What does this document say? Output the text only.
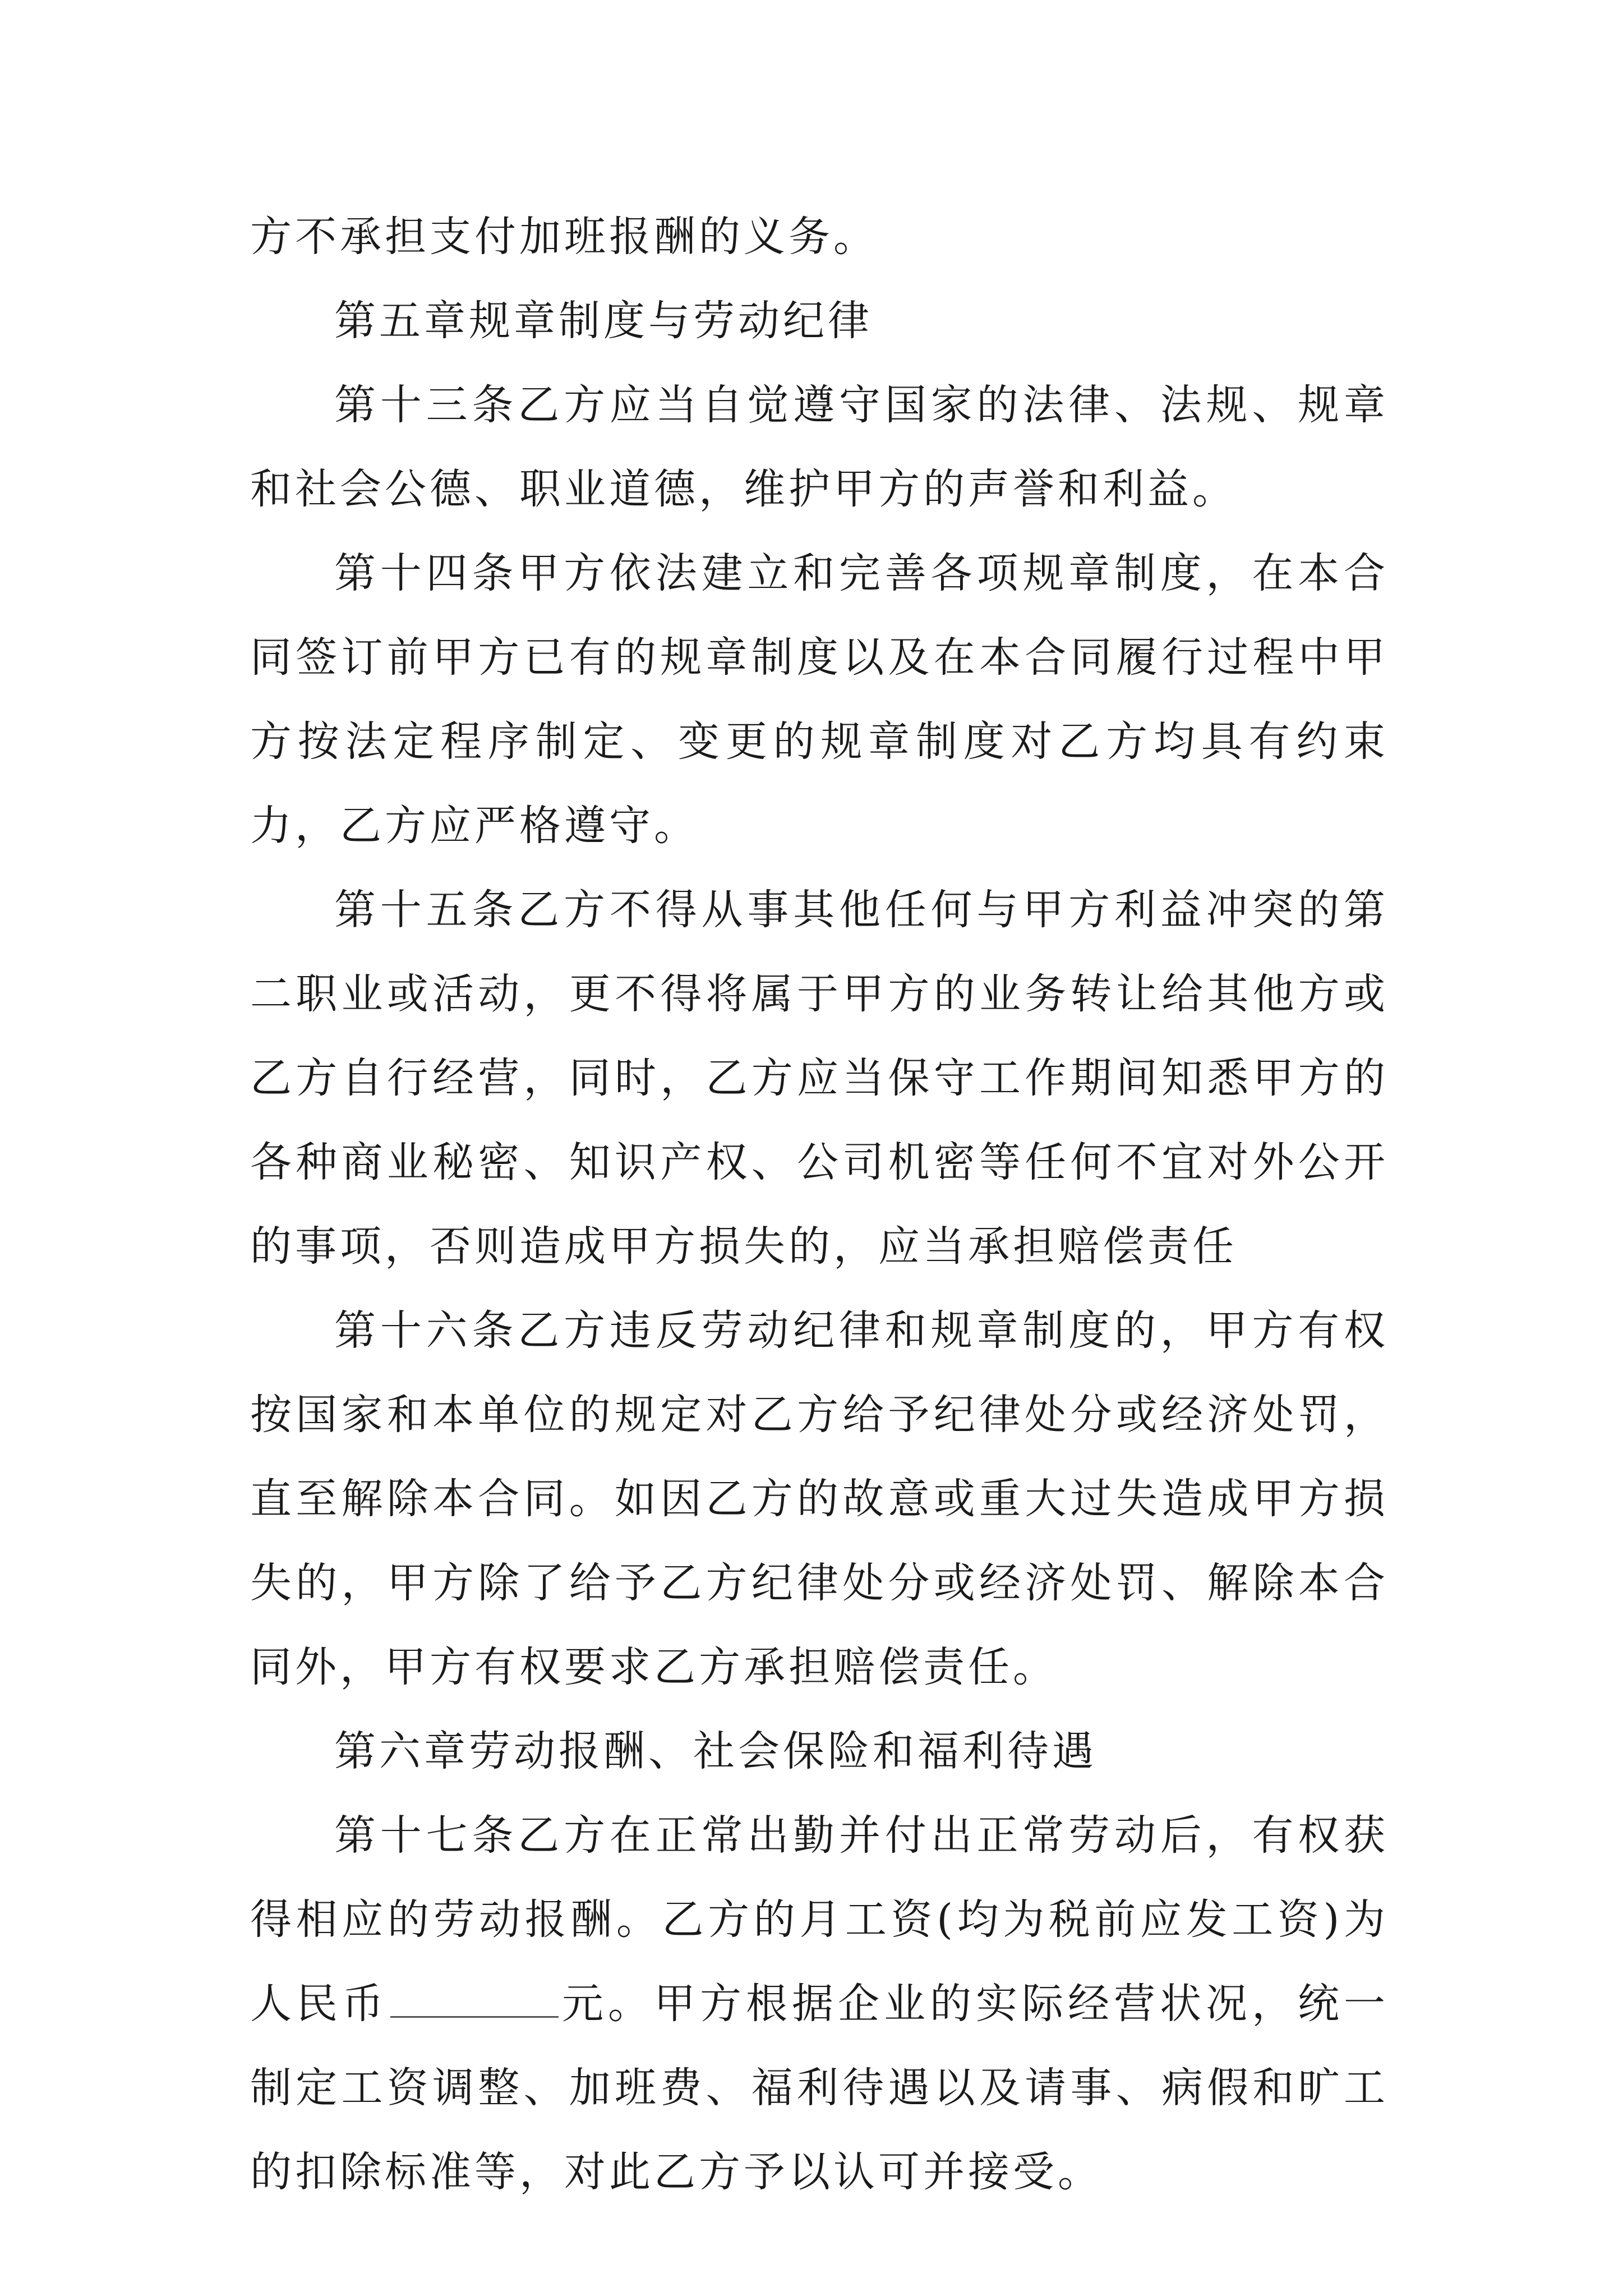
方不承担支付加班报酬的义务。

第五章规章制度与劳动纪律

第十三条乙方应当自觉遵守国家的法律、法规、规章和社会公德、职业道德，维护甲方的声誉和利益。

第十四条甲方依法建立和完善各项规章制度，在本合同签订前甲方已有的规章制度以及在本合同履行过程中甲方按法定程序制定、变更的规章制度对乙方均具有约束力，乙方应严格遵守。

第十五条乙方不得从事其他任何与甲方利益冲突的第二职业或活动，更不得将属于甲方的业务转让给其他方或乙方自行经营，同时，乙方应当保守工作期间知悉甲方的各种商业秘密、知识产权、公司机密等任何不宜对外公开的事项，否则造成甲方损失的，应当承担赔偿责任

第十六条乙方违反劳动纪律和规章制度的，甲方有权按国家和本单位的规定对乙方给予纪律处分或经济处罚，直至解除本合同。如因乙方的故意或重大过失造成甲方损失的，甲方除了给予乙方纪律处分或经济处罚、解除本合同外，甲方有权要求乙方承担赔偿责任。

第六章劳动报酬、社会保险和福利待遇

第十七条乙方在正常出勤并付出正常劳动后，有权获得相应的劳动报酬。乙方的月工资(均为税前应发工资)为人民币	元。甲方根据企业的实际经营状况，统一制定工资调整、加班费、福利待遇以及请事、病假和旷工的扣除标准等，对此乙方予以认可并接受。
